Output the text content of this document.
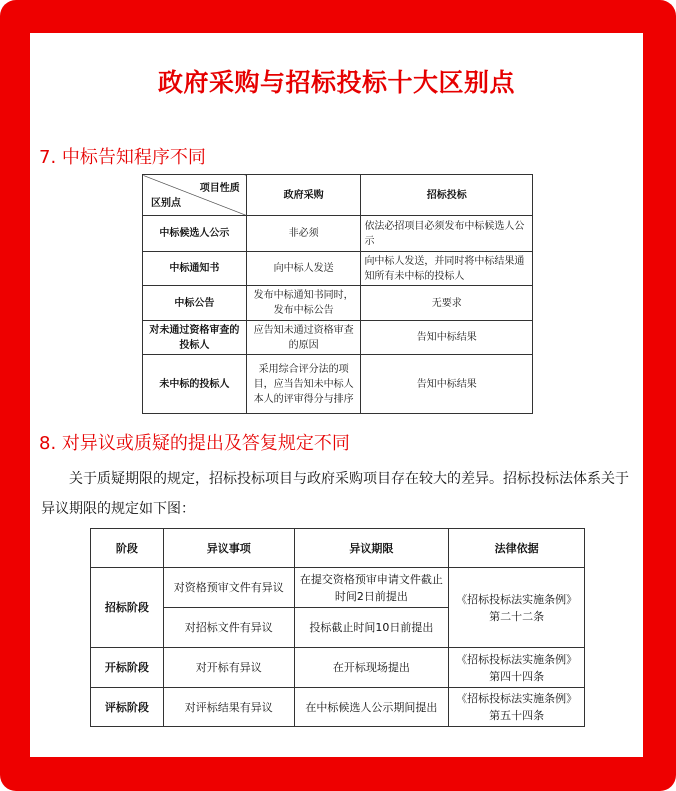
政府采购与招标投标十大区别点
7. 中标告知程序不同
项目性质
区别点	政府采购	招标投标
中标候选人公示	非必须	依法必招项目必须发布中标候选人公示
中标通知书	向中标人发送	向中标人发送，并同时将中标结果通知所有未中标的投标人
中标公告	发布中标通知书同时，发布中标公告	无要求
对未通过资格审查的投标人	应告知未通过资格审查的原因	告知中标结果
未中标的投标人	采用综合评分法的项目，应当告知未中标人本人的评审得分与排序	告知中标结果
8. 对异议或质疑的提出及答复规定不同
关于质疑期限的规定，招标投标项目与政府采购项目存在较大的差异。招标投标法体系关于异议期限的规定如下图：
阶段	异议事项	异议期限	法律依据
招标阶段	对资格预审文件有异议	在提交资格预审申请文件截止时间2日前提出	《招标投标法实施条例》第二十二条
	对招标文件有异议	投标截止时间10日前提出	
开标阶段	对开标有异议	在开标现场提出	《招标投标法实施条例》第四十四条
评标阶段	对评标结果有异议	在中标候选人公示期间提出	《招标投标法实施条例》第五十四条
